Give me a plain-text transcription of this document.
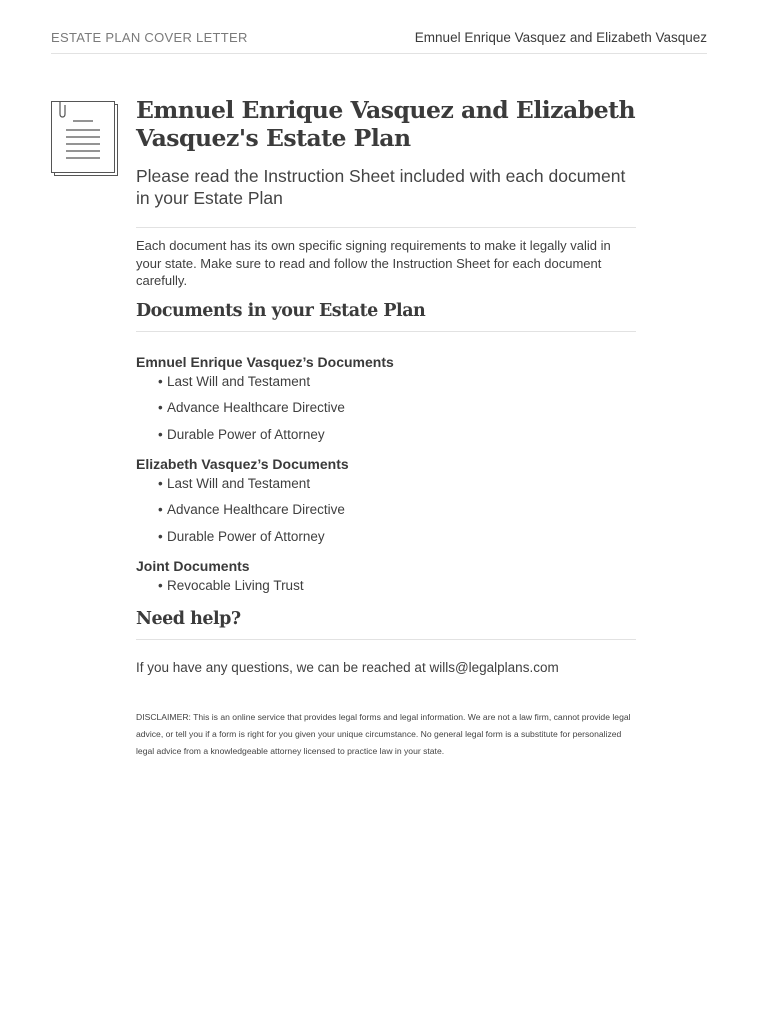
ESTATE PLAN COVER LETTER	Emnuel Enrique Vasquez and Elizabeth Vasquez
Emnuel Enrique Vasquez and Elizabeth Vasquez's Estate Plan

Please read the Instruction Sheet included with each document in your Estate Plan

Each document has its own specific signing requirements to make it legally valid in your state. Make sure to read and follow the Instruction Sheet for each document carefully.

Documents in your Estate Plan
Emnuel Enrique Vasquez’s Documents
• Last Will and Testament
• Advance Healthcare Directive
• Durable Power of Attorney
Elizabeth Vasquez’s Documents
• Last Will and Testament
• Advance Healthcare Directive
• Durable Power of Attorney
Joint Documents
• Revocable Living Trust
Need help?

If you have any questions, we can be reached at wills@legalplans.com

DISCLAIMER: This is an online service that provides legal forms and legal information. We are not a law firm, cannot provide legal advice, or tell you if a form is right for you given your unique circumstance. No general legal form is a substitute for personalized legal advice from a knowledgeable attorney licensed to practice law in your state.
